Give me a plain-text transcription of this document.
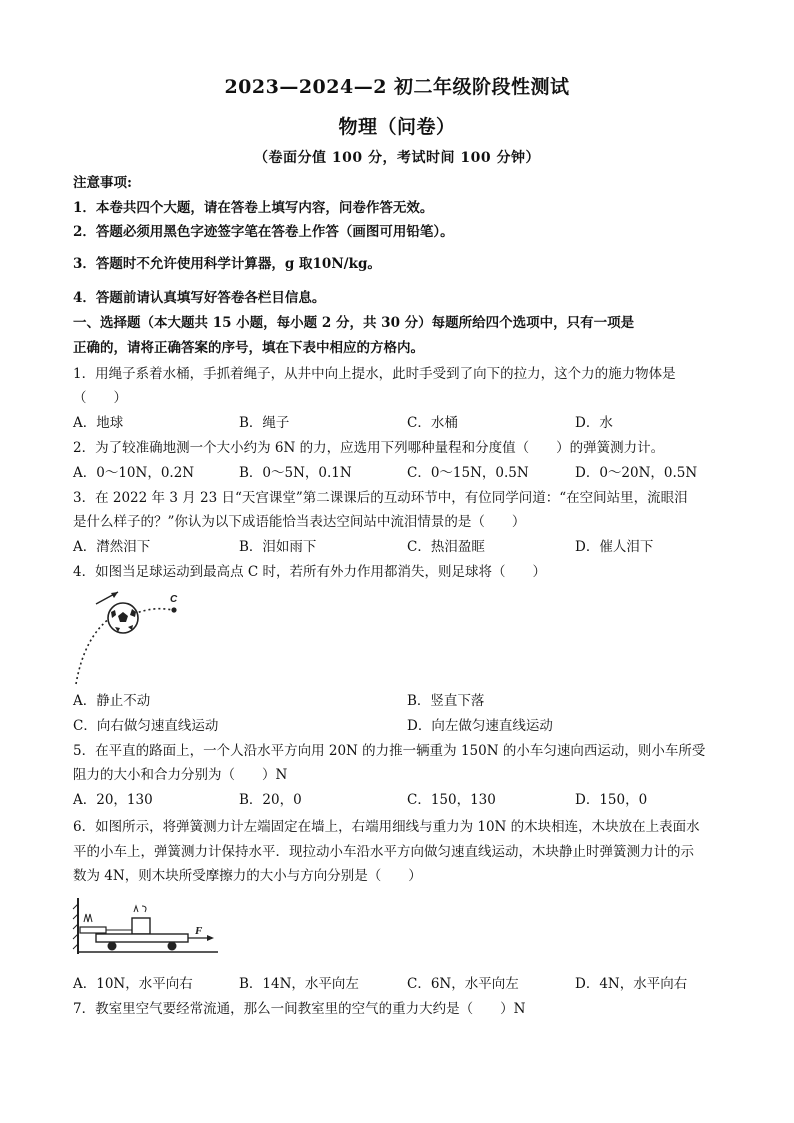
2023—2024—2 初二年级阶段性测试
物理（问卷）
（卷面分值 100 分，考试时间 100 分钟）
注意事项:
1．本卷共四个大题，请在答卷上填写内容，问卷作答无效。
2．答题必须用黑色字迹签字笔在答卷上作答（画图可用铅笔）。
3．答题时不允许使用科学计算器，g 取10N/kg。
4．答题前请认真填写好答卷各栏目信息。
一、选择题（本大题共 15 小题，每小题 2 分，共 30 分）每题所给四个选项中，只有一项是
正确的，请将正确答案的序号，填在下表中相应的方格内。
1．用绳子系着水桶，手抓着绳子，从井中向上提水，此时手受到了向下的拉力，这个力的施力物体是
（　　）
A．地球	B．绳子	C．水桶	D．水
2．为了较准确地测一个大小约为 6N 的力，应选用下列哪种量程和分度值（　　）的弹簧测力计。
A．0～10N，0.2N	B．0～5N，0.1N	C．0～15N，0.5N	D．0～20N，0.5N
3．在 2022 年 3 月 23 日“天宫课堂”第二课课后的互动环节中，有位同学问道：“在空间站里，流眼泪
是什么样子的？”你认为以下成语能恰当表达空间站中流泪情景的是（　　）
A．潸然泪下	B．泪如雨下	C．热泪盈眶	D．催人泪下
4．如图当足球运动到最高点 C 时，若所有外力作用都消失，则足球将（　　）
C
A．静止不动	B．竖直下落
C．向右做匀速直线运动	D．向左做匀速直线运动
5．在平直的路面上，一个人沿水平方向用 20N 的力推一辆重为 150N 的小车匀速向西运动，则小车所受
阻力的大小和合力分别为（　　）N
A．20，130	B．20，0	C．150，130	D．150，0
6．如图所示，将弹簧测力计左端固定在墙上，右端用细线与重力为 10N 的木块相连，木块放在上表面水
平的小车上，弹簧测力计保持水平．现拉动小车沿水平方向做匀速直线运动，木块静止时弹簧测力计的示
数为 4N，则木块所受摩擦力的大小与方向分别是（　　）
F
A．10N，水平向右	B．14N，水平向左	C．6N，水平向左	D．4N，水平向右
7．教室里空气要经常流通，那么一间教室里的空气的重力大约是（　　）N
